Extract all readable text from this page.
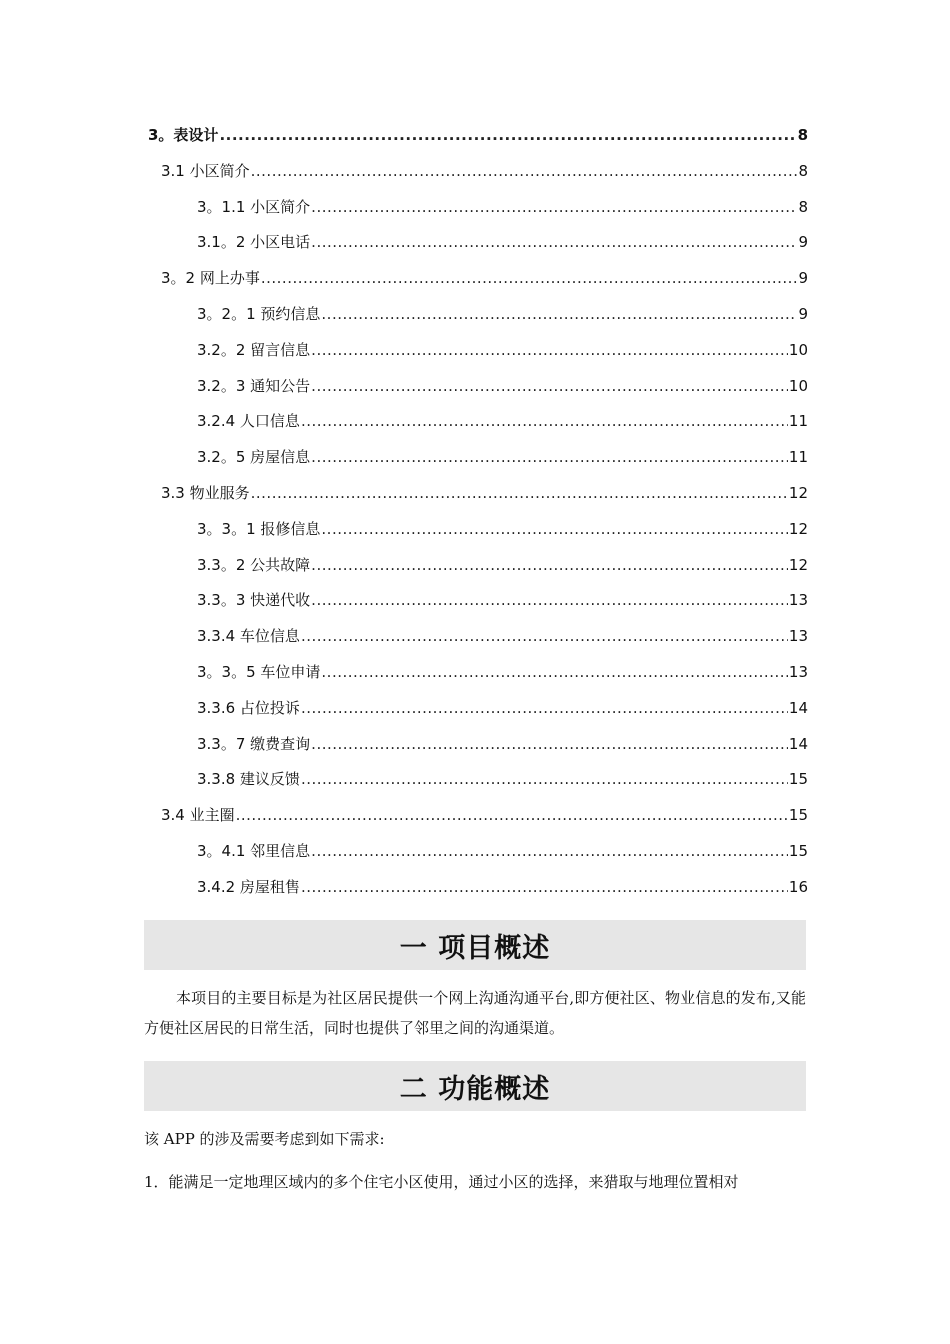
3。表设计 .....	8
3.1 小区简介 .....	8
3。1.1 小区简介 .....	8
3.1。2 小区电话 .....	9
3。2 网上办事 .....	9
3。2。1 预约信息 .....	9
3.2。2 留言信息 .....	10
3.2。3 通知公告 .....	10
3.2.4 人口信息 .....	11
3.2。5 房屋信息 .....	11
3.3 物业服务 .....	12
3。3。1 报修信息 .....	12
3.3。2 公共故障 .....	12
3.3。3 快递代收 .....	13
3.3.4 车位信息 .....	13
3。3。5 车位申请 .....	13
3.3.6 占位投诉 .....	14
3.3。7 缴费查询 .....	14
3.3.8 建议反馈 .....	15
3.4 业主圈 .....	15
3。4.1 邻里信息 .....	15
3.4.2 房屋租售 .....	16
一 项目概述
本项目的主要目标是为社区居民提供一个网上沟通沟通平台,即方便社区、物业信息的发布,又能方便社区居民的日常生活，同时也提供了邻里之间的沟通渠道。
二 功能概述
该 APP 的涉及需要考虑到如下需求:
1．能满足一定地理区域内的多个住宅小区使用，通过小区的选择，来猎取与地理位置相对
